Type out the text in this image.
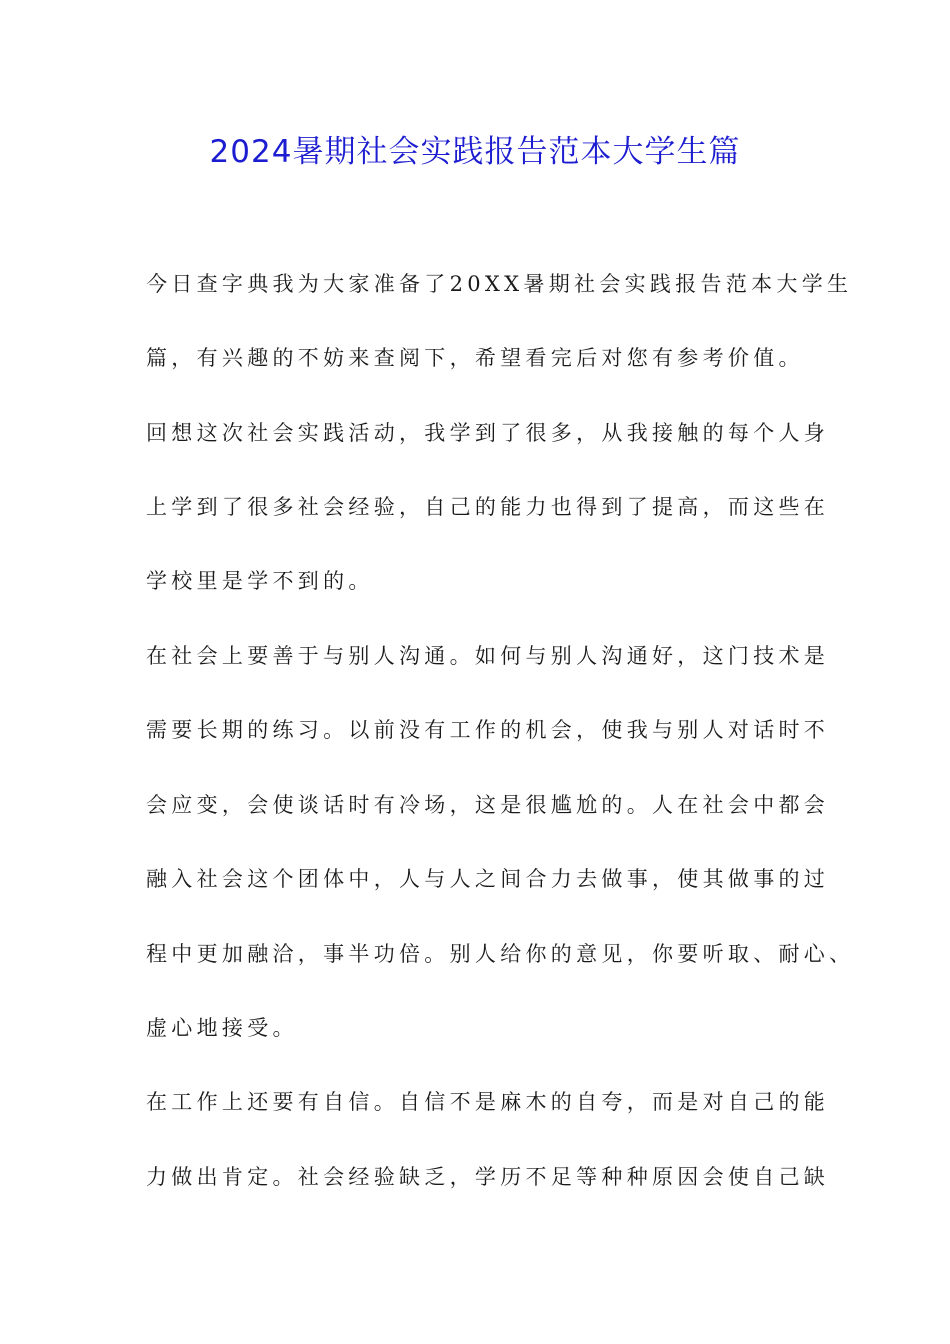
2024暑期社会实践报告范本大学生篇

今日查字典我为大家准备了20XX暑期社会实践报告范本大学生

篇，有兴趣的不妨来查阅下，希望看完后对您有参考价值。

回想这次社会实践活动，我学到了很多，从我接触的每个人身

上学到了很多社会经验，自己的能力也得到了提高，而这些在

学校里是学不到的。

在社会上要善于与别人沟通。如何与别人沟通好，这门技术是

需要长期的练习。以前没有工作的机会，使我与别人对话时不

会应变，会使谈话时有冷场，这是很尴尬的。人在社会中都会

融入社会这个团体中，人与人之间合力去做事，使其做事的过

程中更加融洽，事半功倍。别人给你的意见，你要听取、耐心、

虚心地接受。

在工作上还要有自信。自信不是麻木的自夸，而是对自己的能

力做出肯定。社会经验缺乏，学历不足等种种原因会使自己缺
